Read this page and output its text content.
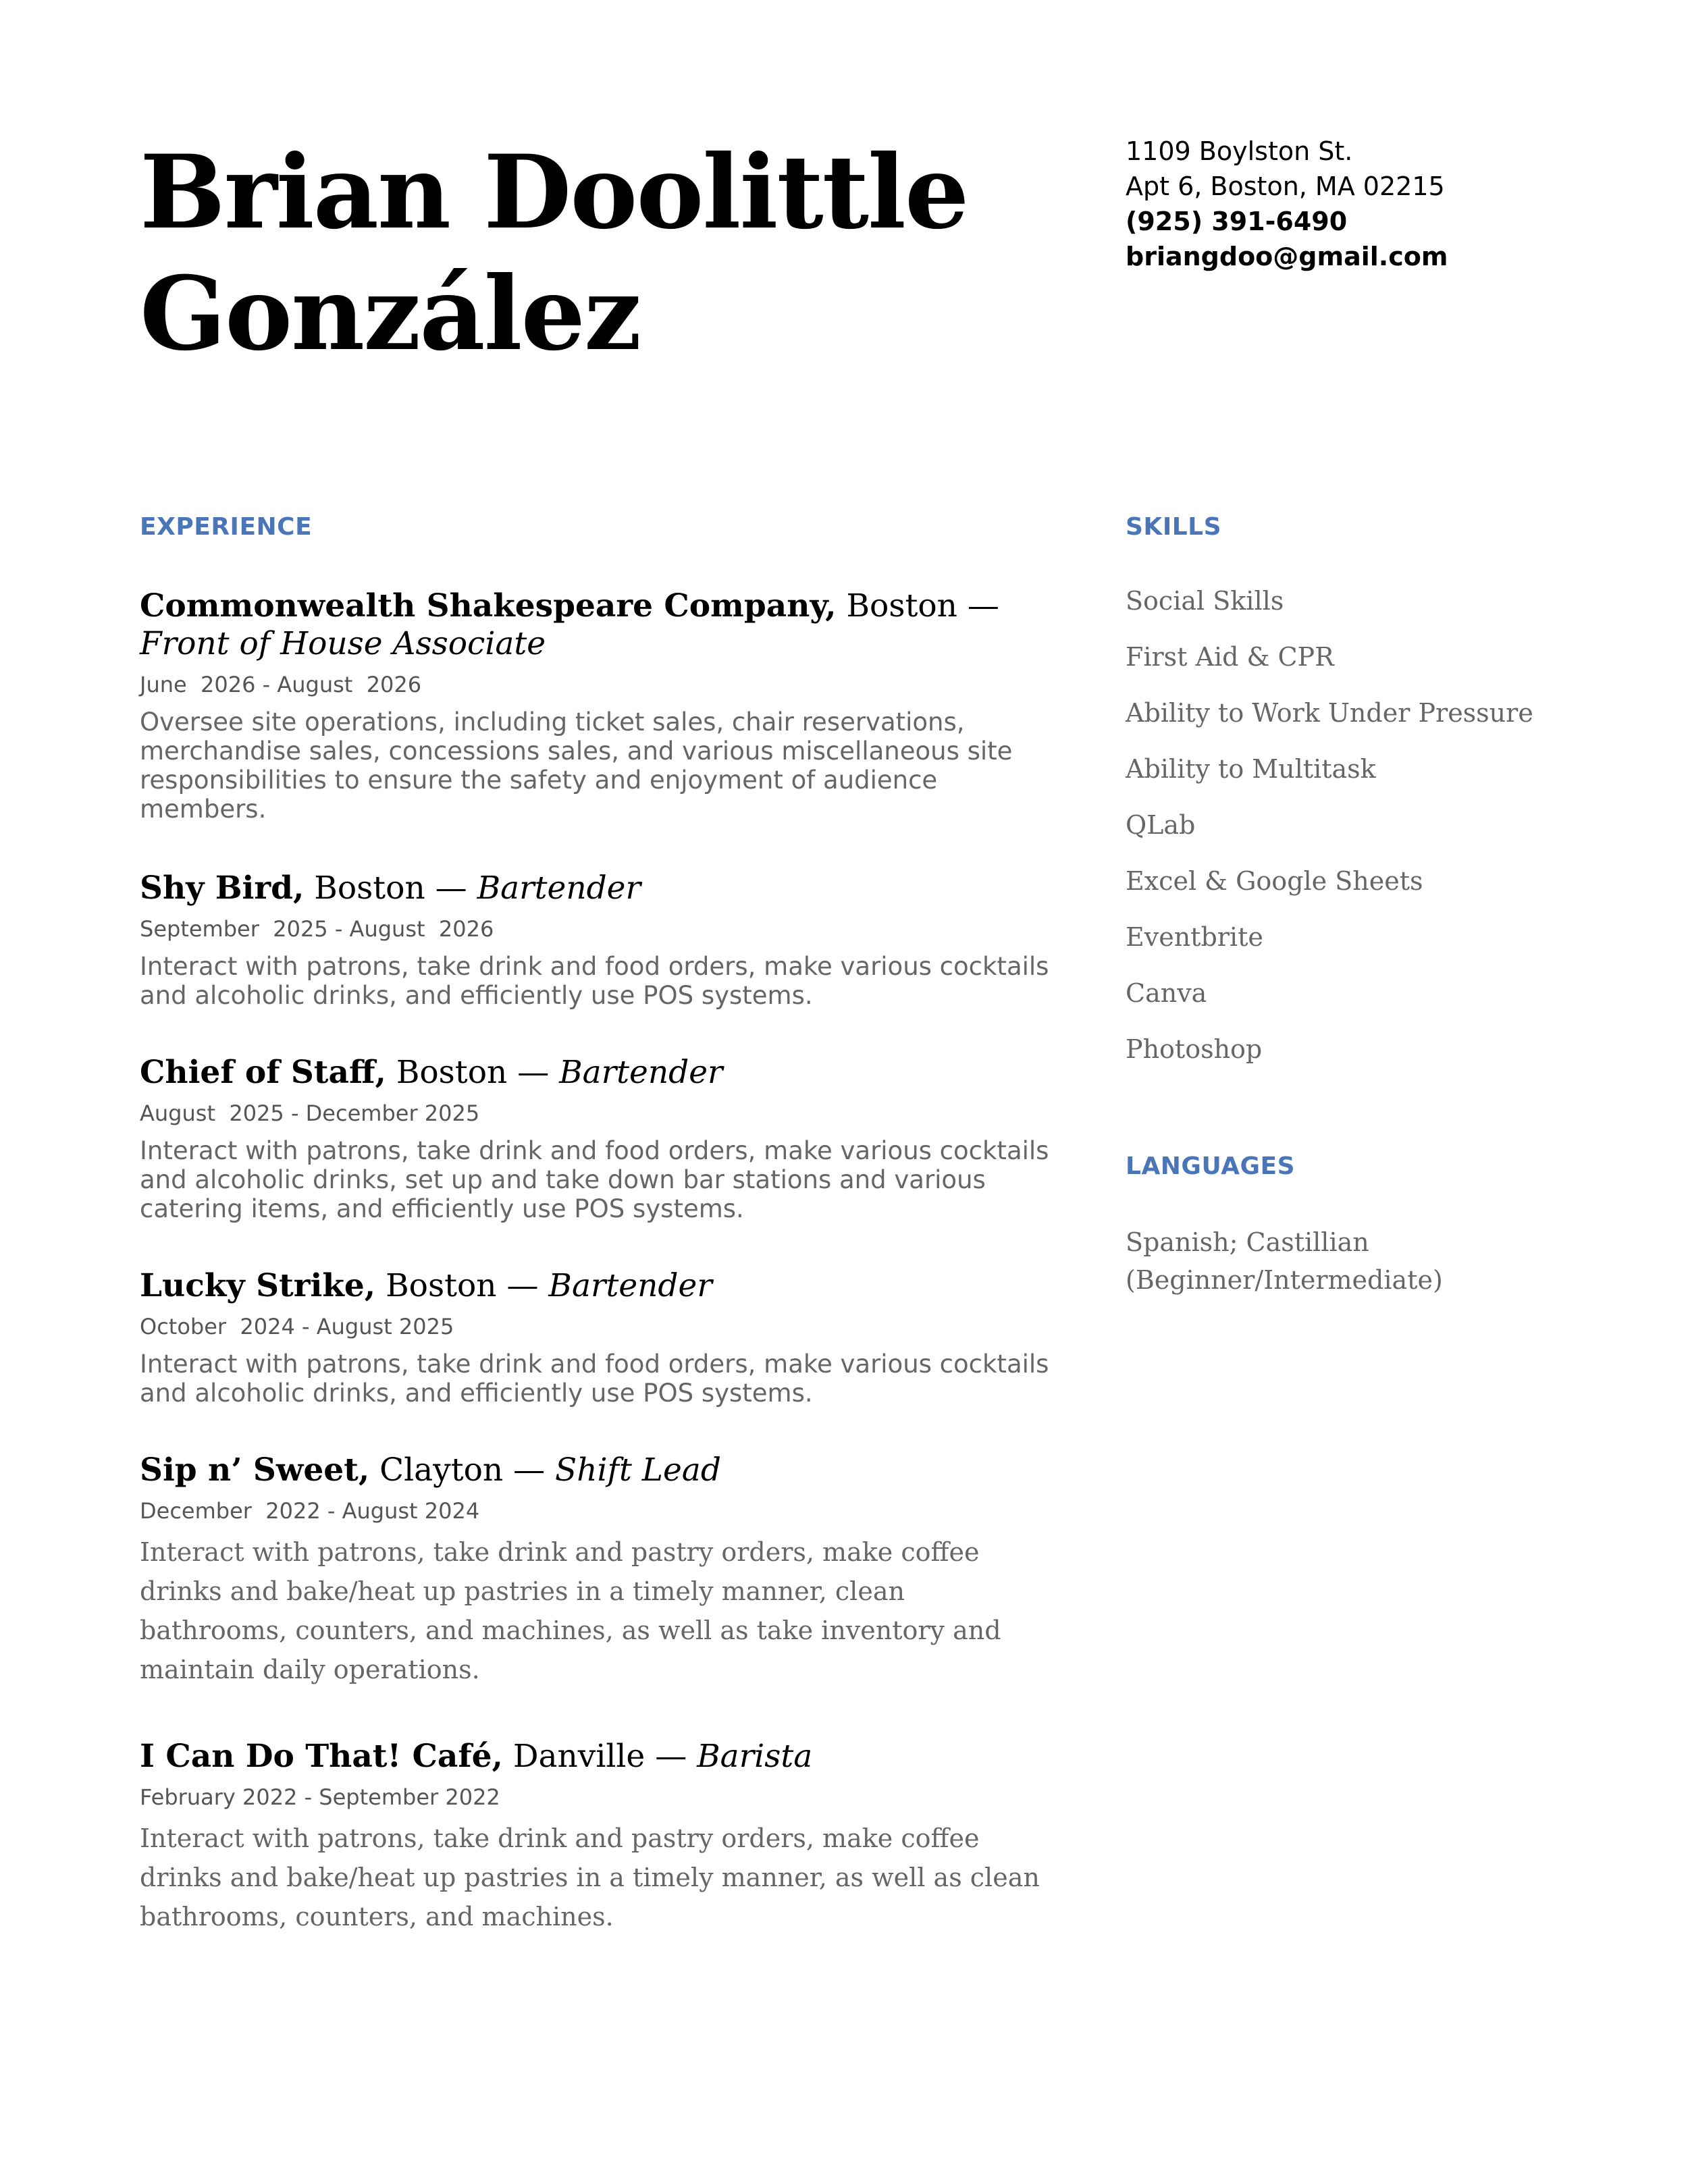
Brian Doolittle
González
1109 Boylston St.
Apt 6, Boston, MA 02215
(925) 391-6490
briangdoo@gmail.com
EXPERIENCE	SKILLS
LANGUAGES
Commonwealth Shakespeare Company, Boston — Front of House Associate
June  2026 - August  2026
Oversee site operations, including ticket sales, chair reservations, merchandise sales, concessions sales, and various miscellaneous site responsibilities to ensure the safety and enjoyment of audience members.
Shy Bird, Boston — Bartender
September  2025 - August  2026
Interact with patrons, take drink and food orders, make various cocktails and alcoholic drinks, and efficiently use POS systems.
Chief of Staff, Boston — Bartender
August  2025 - December 2025
Interact with patrons, take drink and food orders, make various cocktails and alcoholic drinks, set up and take down bar stations and various catering items, and efficiently use POS systems.
Lucky Strike, Boston — Bartender
October  2024 - August 2025
Interact with patrons, take drink and food orders, make various cocktails and alcoholic drinks, and efficiently use POS systems.
Sip n’ Sweet, Clayton — Shift Lead
December  2022 - August 2024
Interact with patrons, take drink and pastry orders, make coffee drinks and bake/heat up pastries in a timely manner, clean bathrooms, counters, and machines, as well as take inventory and maintain daily operations.
I Can Do That! Café, Danville — Barista
February 2022 - September 2022
Interact with patrons, take drink and pastry orders, make coffee drinks and bake/heat up pastries in a timely manner, as well as clean bathrooms, counters, and machines.
Social Skills
First Aid & CPR
Ability to Work Under Pressure
Ability to Multitask
QLab
Excel & Google Sheets
Eventbrite
Canva
Photoshop
Spanish; Castillian (Beginner/Intermediate)
